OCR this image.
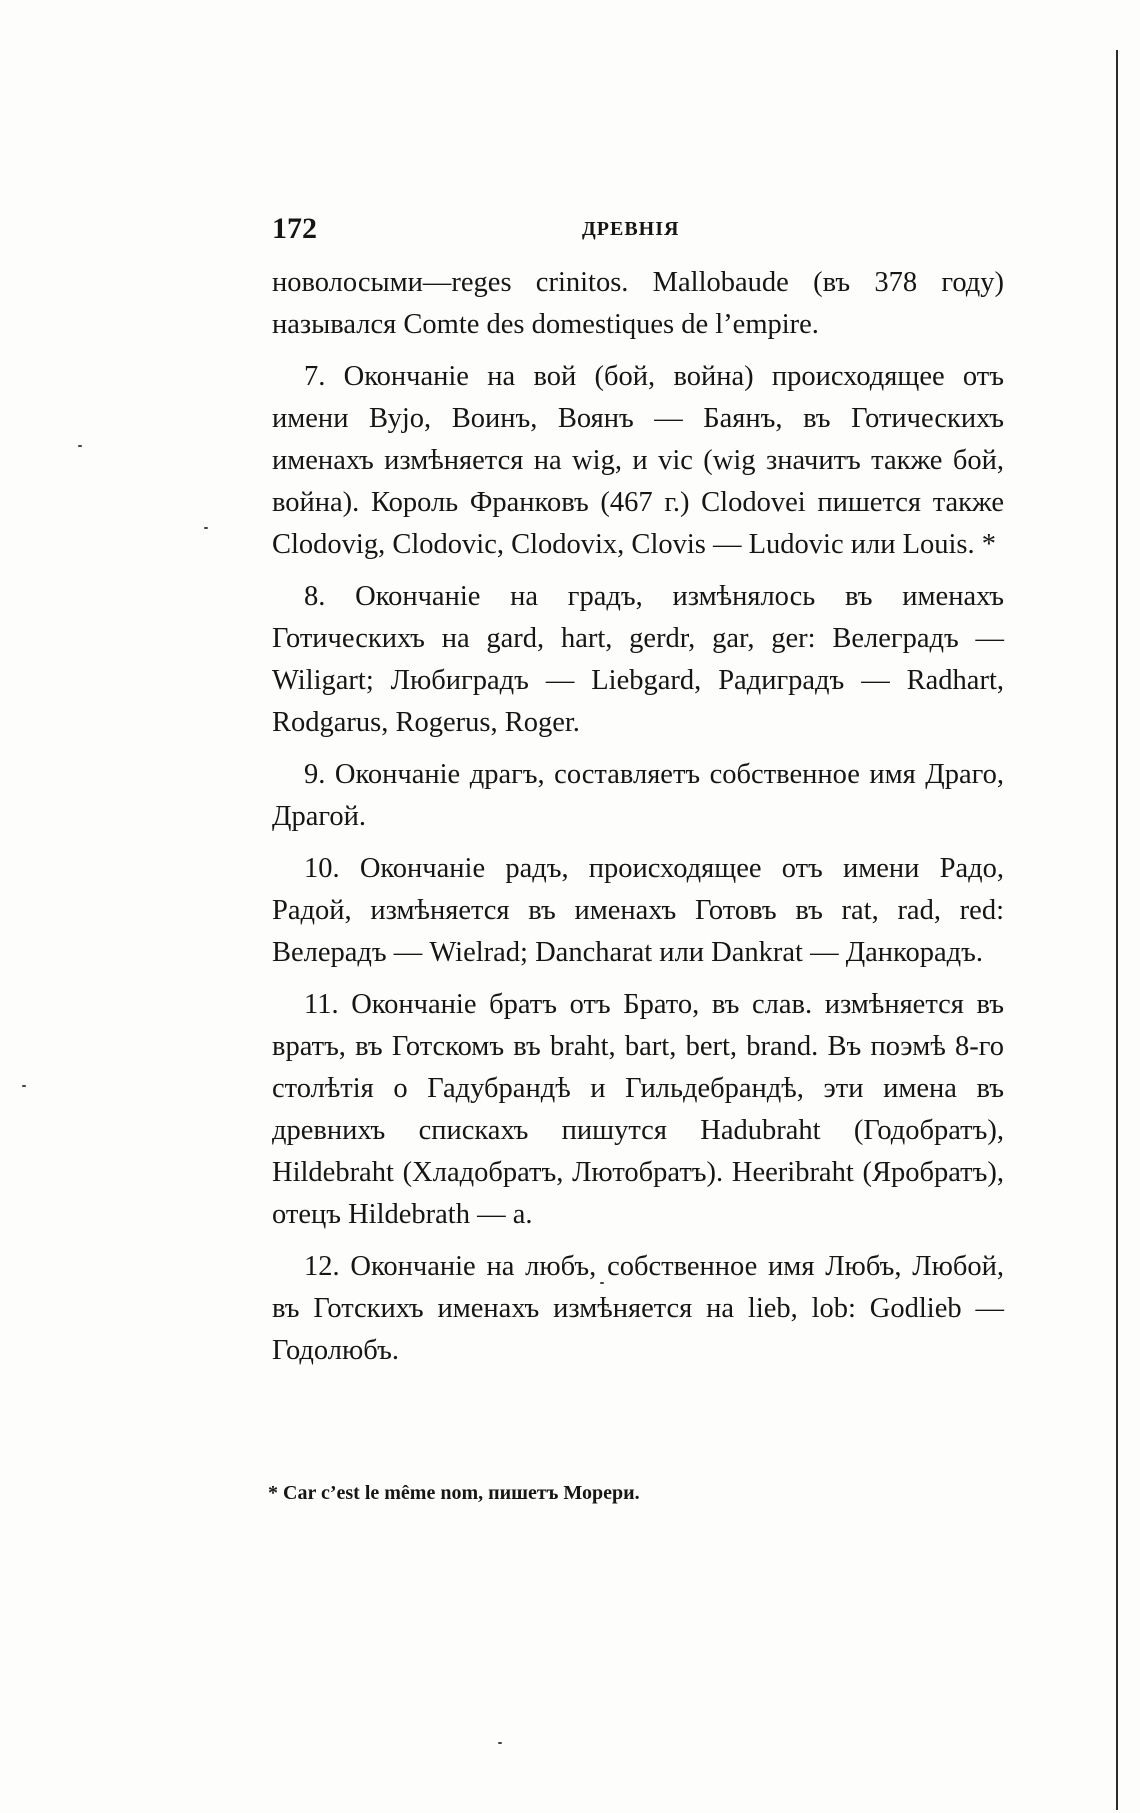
172	ДРЕВНІЯ

новолосыми—reges crinitos. Mallobaude (въ 378 году) назывался Comte des domestiques de l’empire.

7. Окончаніе на вой (бой, война) происходящее отъ имени Вујо, Воинъ, Воянъ — Баянъ, въ Готическихъ именахъ измѣняется на wig, и vic (wig значитъ также бой, война). Король Франковъ (467 г.) Clodovei пишется также Clodovig, Clodovic, Clodovix, Clovis — Ludovic или Louis. *

8. Окончаніе на градъ, измѣнялось въ именахъ Готическихъ на gard, hart, gerdr, gar, ger: Велеградъ — Wiligart; Любиградъ — Liebgard, Радиградъ — Radhart, Rodgarus, Rogerus, Roger.

9. Окончаніе драгъ, составляетъ собственное имя Драго, Драгой.

10. Окончаніе радъ, происходящее отъ имени Радо, Радой, измѣняется въ именахъ Готовъ въ rat, rad, red: Велерадъ — Wielrad; Dancharat или Dankrat — Данкорадъ.

11. Окончаніе братъ отъ Брато, въ слав. измѣняется въ вратъ, въ Готскомъ въ braht, bart, bert, brand. Въ поэмѣ 8-го столѣтія о Гадубрандѣ и Гильдебрандѣ, эти имена въ древнихъ спискахъ пишутся Hadubraht (Годобратъ), Hildebraht (Хладобратъ, Лютобратъ). Heeribraht (Яробратъ), отецъ Hildebrath — a.

12. Окончаніе на любъ, собственное имя Любъ, Любой, въ Готскихъ именахъ измѣняется на lieb, lob: Godlieb — Годолюбъ.

* Car c’est le même nom, пишетъ Морери.
